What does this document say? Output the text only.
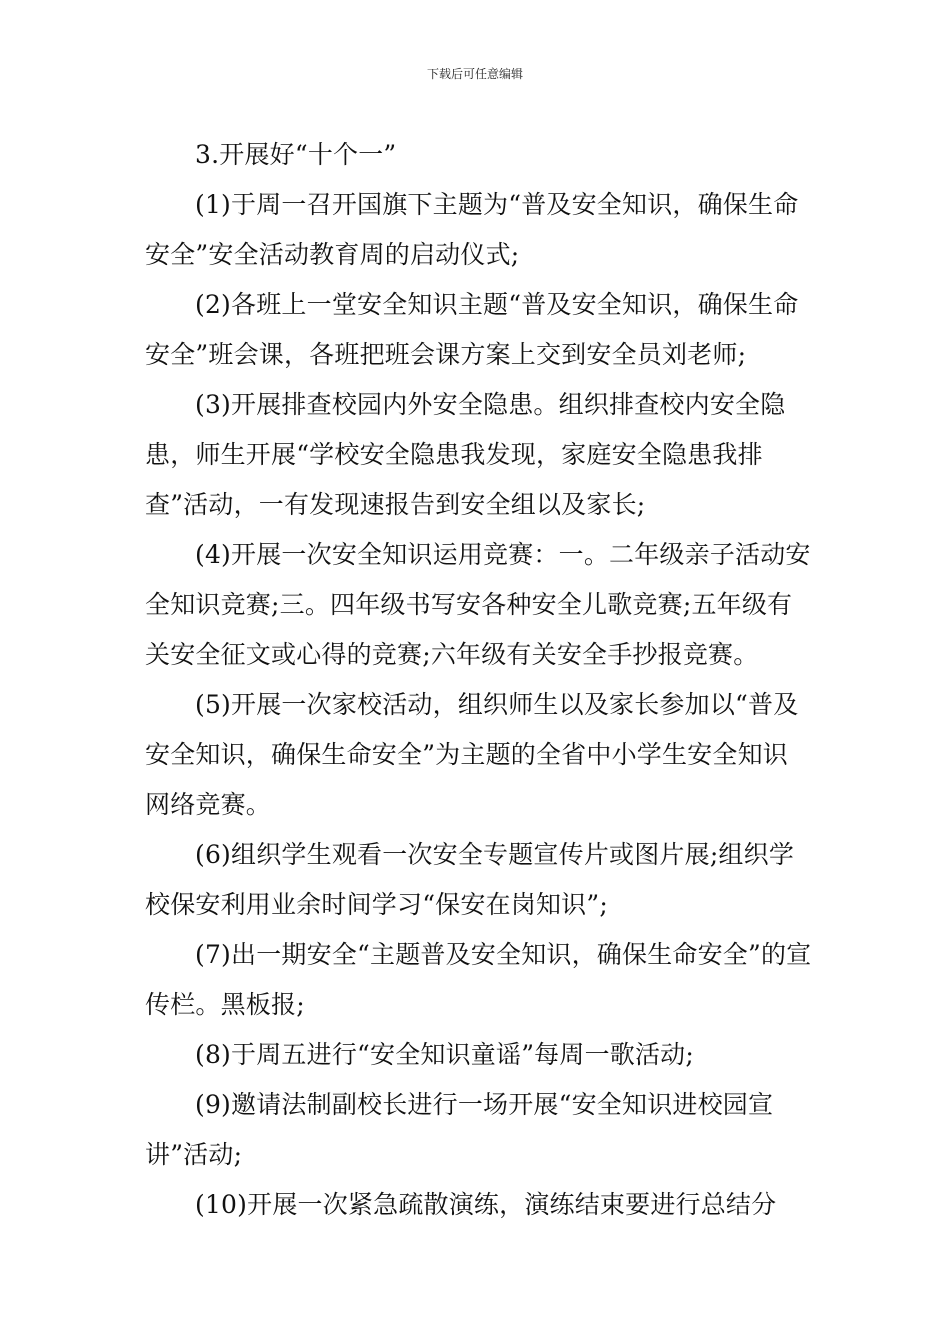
下载后可任意编辑

3.开展好“十个一”

(1)于周一召开国旗下主题为“普及安全知识，确保生命安全”安全活动教育周的启动仪式;

(2)各班上一堂安全知识主题“普及安全知识，确保生命安全”班会课，各班把班会课方案上交到安全员刘老师;

(3)开展排查校园内外安全隐患。组织排查校内安全隐患，师生开展“学校安全隐患我发现，家庭安全隐患我排查”活动，一有发现速报告到安全组以及家长;

(4)开展一次安全知识运用竞赛：一。二年级亲子活动安全知识竞赛;三。四年级书写安各种安全儿歌竞赛;五年级有关安全征文或心得的竞赛;六年级有关安全手抄报竞赛。

(5)开展一次家校活动，组织师生以及家长参加以“普及安全知识，确保生命安全”为主题的全省中小学生安全知识网络竞赛。

(6)组织学生观看一次安全专题宣传片或图片展;组织学校保安利用业余时间学习“保安在岗知识”;

(7)出一期安全“主题普及安全知识，确保生命安全”的宣传栏。黑板报;

(8)于周五进行“安全知识童谣”每周一歌活动;

(9)邀请法制副校长进行一场开展“安全知识进校园宣讲”活动;

(10)开展一次紧急疏散演练，演练结束要进行总结分
